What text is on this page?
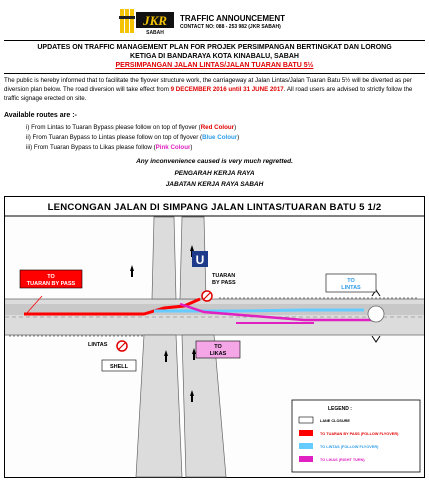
JKR
SABAH
TRAFFIC ANNOUNCEMENT
CONTACT NO: 088 - 253 982 (JKR SABAH)
UPDATES ON TRAFFIC MANAGEMENT PLAN FOR PROJEK PERSIMPANGAN BERTINGKAT DAN LORONG
KETIGA DI BANDARAYA KOTA KINABALU, SABAH
PERSIMPANGAN JALAN LINTAS/JALAN TUARAN BATU 5½
The public is hereby informed that to facilitate the flyover structure work, the carriageway at Jalan Lintas/Jalan Tuaran Batu 5½ will be diverted as per diversion plan below. The road diversion will take effect from 9 DECEMBER 2016 until 31 JUNE 2017. All road users are advised to strictly follow the traffic signage erected on site.
Available routes are :-
i) From Lintas to Tuaran Bypass please follow on top of flyover (Red Colour)
ii) From Tuaran Bypass to Lintas please follow on top of flyover (Blue Colour)
iii) From Tuaran Bypass to Likas please follow (Pink Colour)
Any inconvenience caused is very much regretted.
PENGARAH KERJA RAYA
JABATAN KERJA RAYA SABAH
LENCONGAN JALAN DI SIMPANG JALAN LINTAS/TUARAN BATU 5 1/2
U
TO
TUARAN BY PASS
TUARAN
BY PASS	TO
LINTAS
TO
LIKAS
LINTAS
SHELL
LEGEND :
LANE CLOSURE
TO TUARAN BY PASS (FOLLOW FLYOVER)
TO LINTAS (FOLLOW FLYOVER)
TO LIKAS (RIGHT TURN)
